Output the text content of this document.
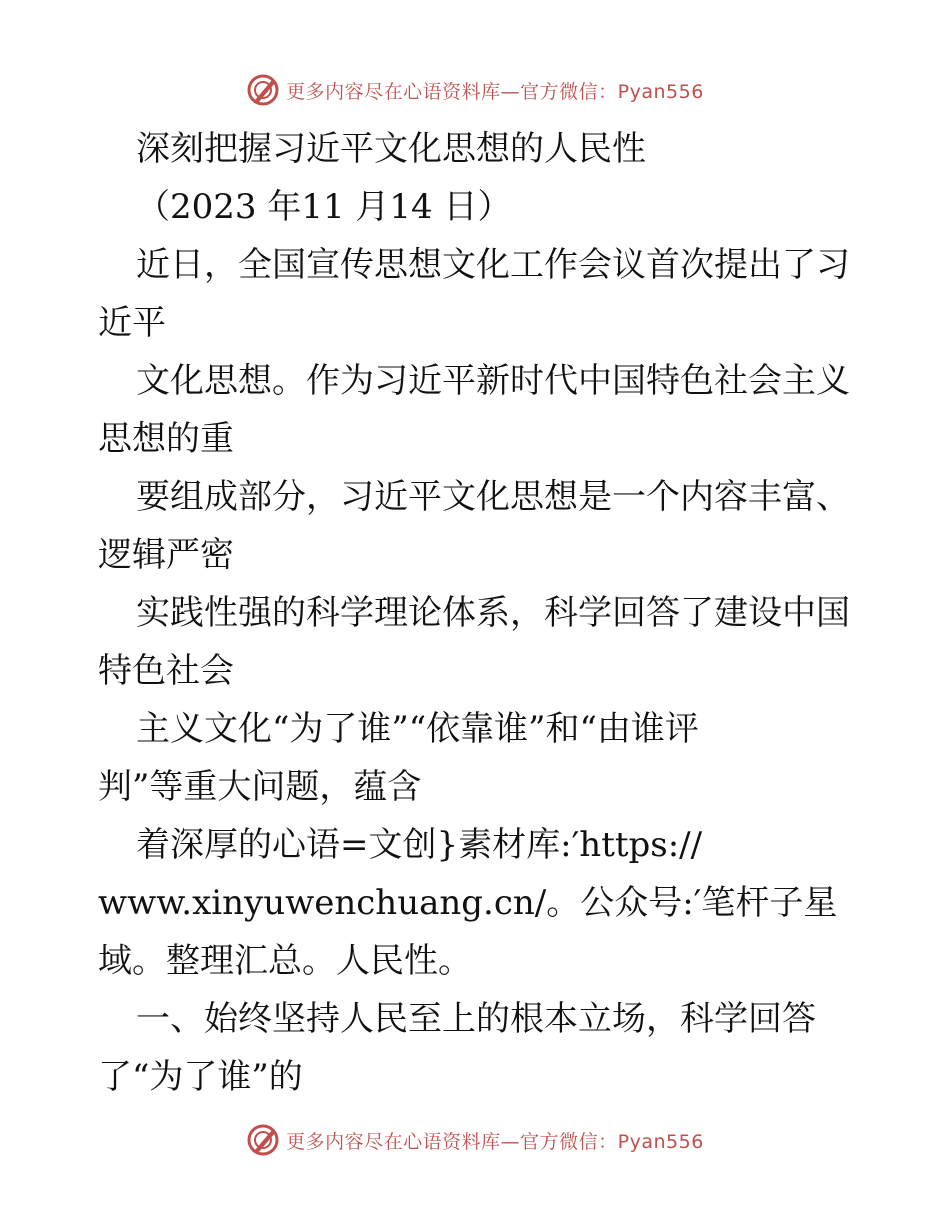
更多内容尽在心语资料库—官方微信：Pyan556
深刻把握习近平文化思想的人民性
（2023 年11 月14 日）
近日，全国宣传思想文化工作会议首次提出了习
近平
文化思想。作为习近平新时代中国特色社会主义
思想的重
要组成部分，习近平文化思想是一个内容丰富、
逻辑严密
实践性强的科学理论体系，科学回答了建设中国
特色社会
主义文化“为了谁”“依靠谁”和“由谁评
判”等重大问题，蕴含
着深厚的心语=文创}素材库:′https://
www.xinyuwenchuang.cn/。公众号:′笔杆子星
域。整理汇总。人民性。
一、始终坚持人民至上的根本立场，科学回答
了“为了谁”的
更多内容尽在心语资料库—官方微信：Pyan556
